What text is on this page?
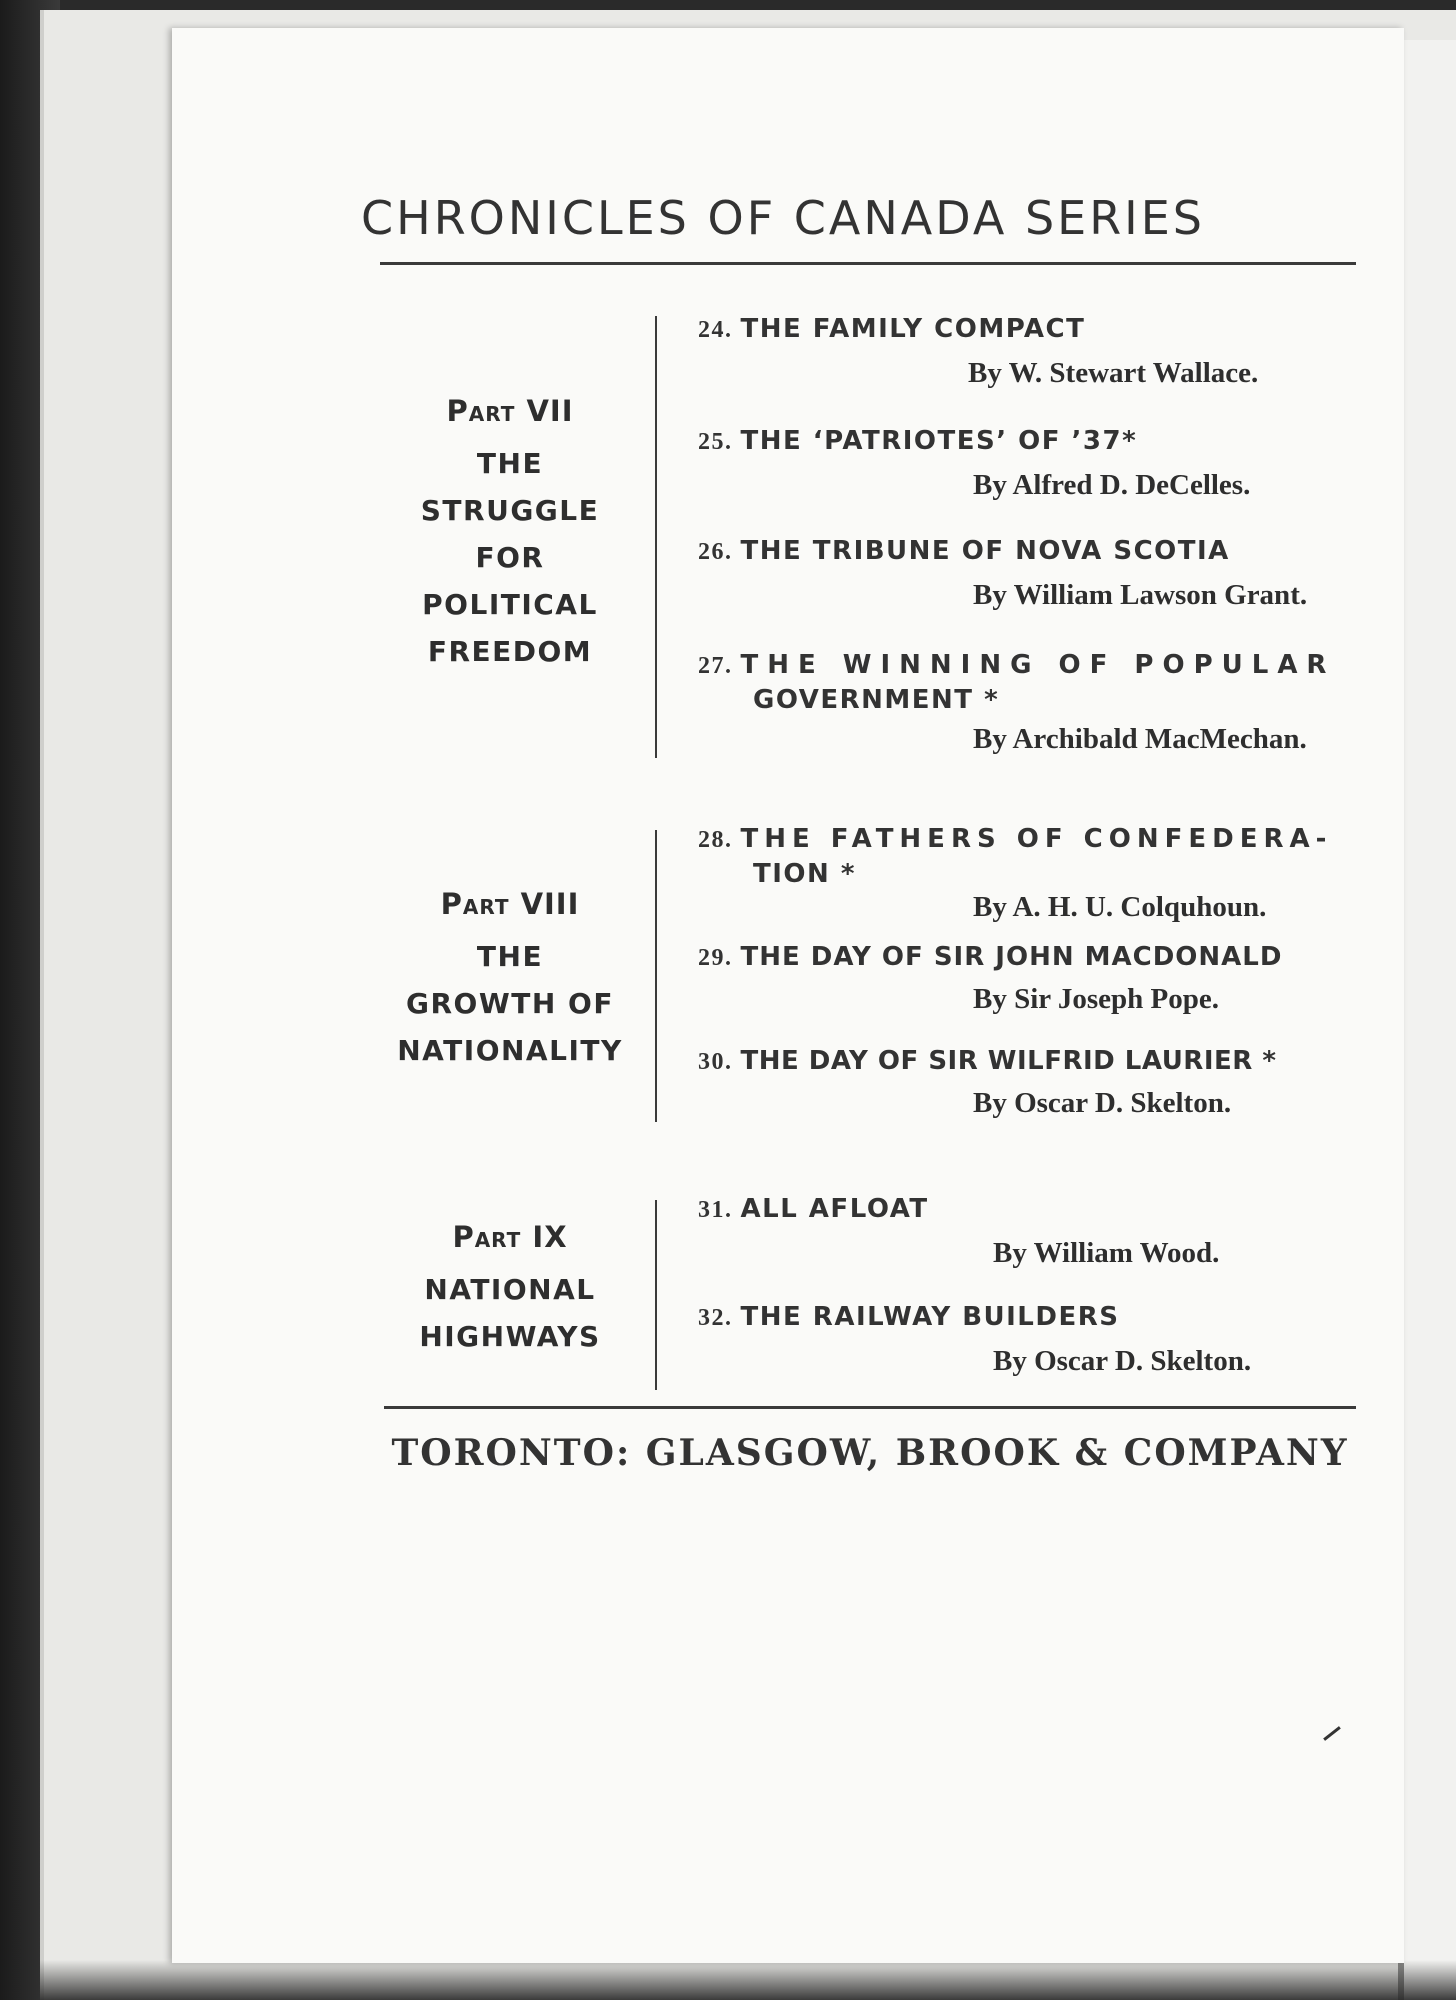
CHRONICLES OF CANADA SERIES
Part VII
THE
STRUGGLE
FOR
POLITICAL
FREEDOM
24. THE FAMILY COMPACT
By W. Stewart Wallace.
25. THE ‘PATRIOTES’ OF ’37*
By Alfred D. DeCelles.
26. THE TRIBUNE OF NOVA SCOTIA
By William Lawson Grant.
27. THE WINNING OF POPULAR
GOVERNMENT *
By Archibald MacMechan.
Part VIII
THE
GROWTH OF
NATIONALITY
28. THE FATHERS OF CONFEDERA-
TION *
By A. H. U. Colquhoun.
29. THE DAY OF SIR JOHN MACDONALD
By Sir Joseph Pope.
30. THE DAY OF SIR WILFRID LAURIER *
By Oscar D. Skelton.
Part IX
NATIONAL
HIGHWAYS
31. ALL AFLOAT
By William Wood.
32. THE RAILWAY BUILDERS
By Oscar D. Skelton.
TORONTO: GLASGOW, BROOK & COMPANY
